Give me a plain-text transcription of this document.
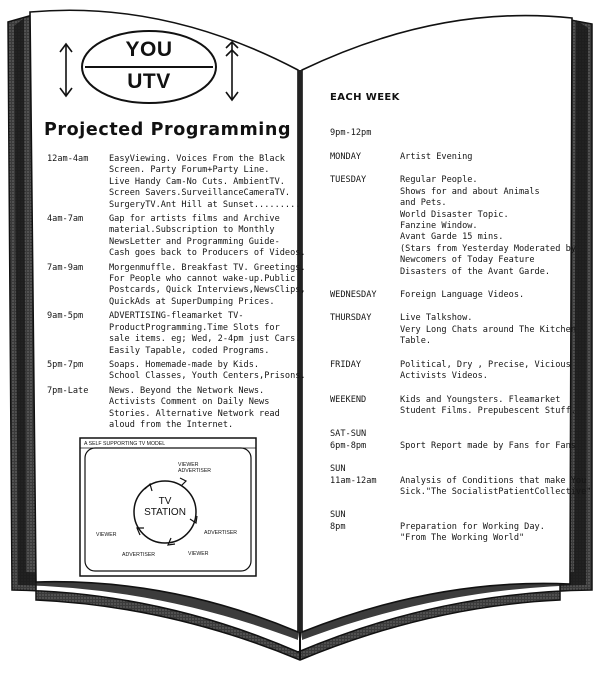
YOU
UTV
Projected Programming
12am-4am	EasyViewing. Voices From the Black
Screen. Party Forum+Party Line.
Live Handy Cam-No Cuts. AmbientTV.
Screen Savers.SurveillanceCameraTV.
SurgeryTV.Ant Hill at Sunset.........
4am-7am	Gap for artists films and Archive
material.Subscription to Monthly
NewsLetter and Programming Guide-
Cash goes back to Producers of Videos.
7am-9am	Morgenmuffle. Breakfast TV. Greetings.
For People who cannot wake-up.Public
Postcards, Quick Interviews,NewsClips,
QuickAds at SuperDumping Prices.
9am-5pm	ADVERTISING-fleamarket TV-
ProductProgramming.Time Slots for
sale items. eg; Wed, 2-4pm just Cars.
Easily Tapable, coded Programs.
5pm-7pm	Soaps. Homemade-made by Kids.
School Classes, Youth Centers,Prisons.
7pm-Late	News. Beyond the Network News.
Activists Comment on Daily News
Stories. Alternative Network read
aloud from the Internet.
A SELF SUPPORTING TV MODEL
TV
STATION
VIEWER
ADVERTISER
ADVERTISER
VIEWER
ADVERTISER
VIEWER
EACH WEEK
9pm-12pm
MONDAY	Artist Evening
TUESDAY	Regular People.
Shows for and about Animals
and Pets.
World Disaster Topic.
Fanzine Window.
Avant Garde 15 mins.
(Stars from Yesterday Moderated by
Newcomers of Today Feature
Disasters of the Avant Garde.
WEDNESDAY	Foreign Language Videos.
THURSDAY	Live Talkshow.
Very Long Chats around The Kitchen
Table.
FRIDAY	Political, Dry , Precise, Vicious
Activists Videos.
WEEKEND	Kids and Youngsters. Fleamarket
Student Films. Prepubescent Stuff.
SAT-SUN
6pm-8pm	Sport Report made by Fans for Fans
SUN
11am-12am	Analysis of Conditions that make You
Sick."The SocialistPatientCollective"
SUN
8pm	Preparation for Working Day.
"From The Working World"
